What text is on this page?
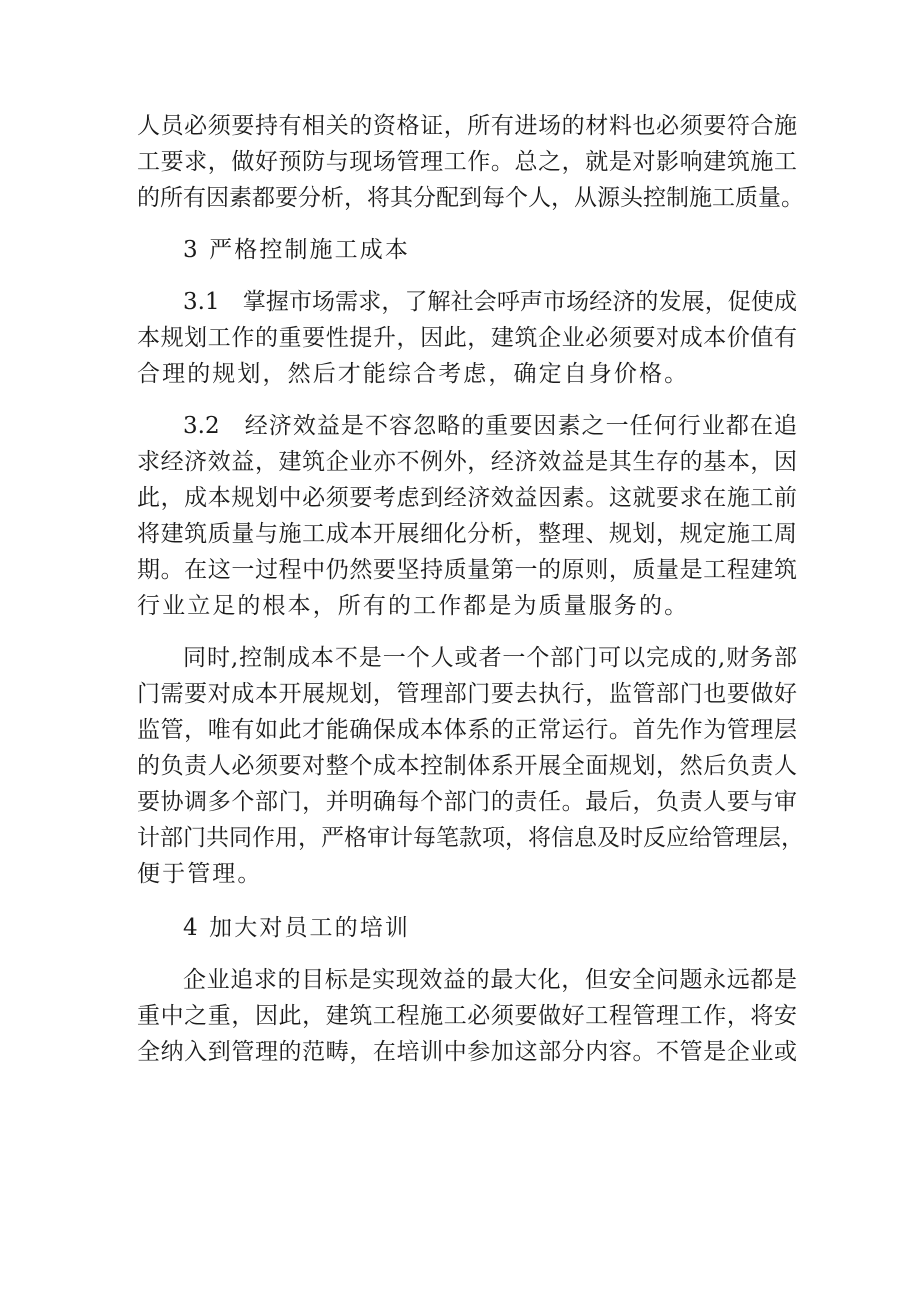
人员必须要持有相关的资格证，所有进场的材料也必须要符合施
工要求，做好预防与现场管理工作。总之，就是对影响建筑施工
的所有因素都要分析，将其分配到每个人，从源头控制施工质量。
3 严格控制施工成本
3.1　掌握市场需求，了解社会呼声市场经济的发展，促使成
本规划工作的重要性提升，因此，建筑企业必须要对成本价值有
合理的规划，然后才能综合考虑，确定自身价格。
3.2　经济效益是不容忽略的重要因素之一任何行业都在追
求经济效益，建筑企业亦不例外，经济效益是其生存的基本，因
此，成本规划中必须要考虑到经济效益因素。这就要求在施工前
将建筑质量与施工成本开展细化分析，整理、规划，规定施工周
期。在这一过程中仍然要坚持质量第一的原则，质量是工程建筑
行业立足的根本，所有的工作都是为质量服务的。
同时,控制成本不是一个人或者一个部门可以完成的,财务部
门需要对成本开展规划，管理部门要去执行，监管部门也要做好
监管，唯有如此才能确保成本体系的正常运行。首先作为管理层
的负责人必须要对整个成本控制体系开展全面规划，然后负责人
要协调多个部门，并明确每个部门的责任。最后，负责人要与审
计部门共同作用，严格审计每笔款项，将信息及时反应给管理层，
便于管理。
4 加大对员工的培训
企业追求的目标是实现效益的最大化，但安全问题永远都是
重中之重，因此，建筑工程施工必须要做好工程管理工作，将安
全纳入到管理的范畴，在培训中参加这部分内容。不管是企业或
